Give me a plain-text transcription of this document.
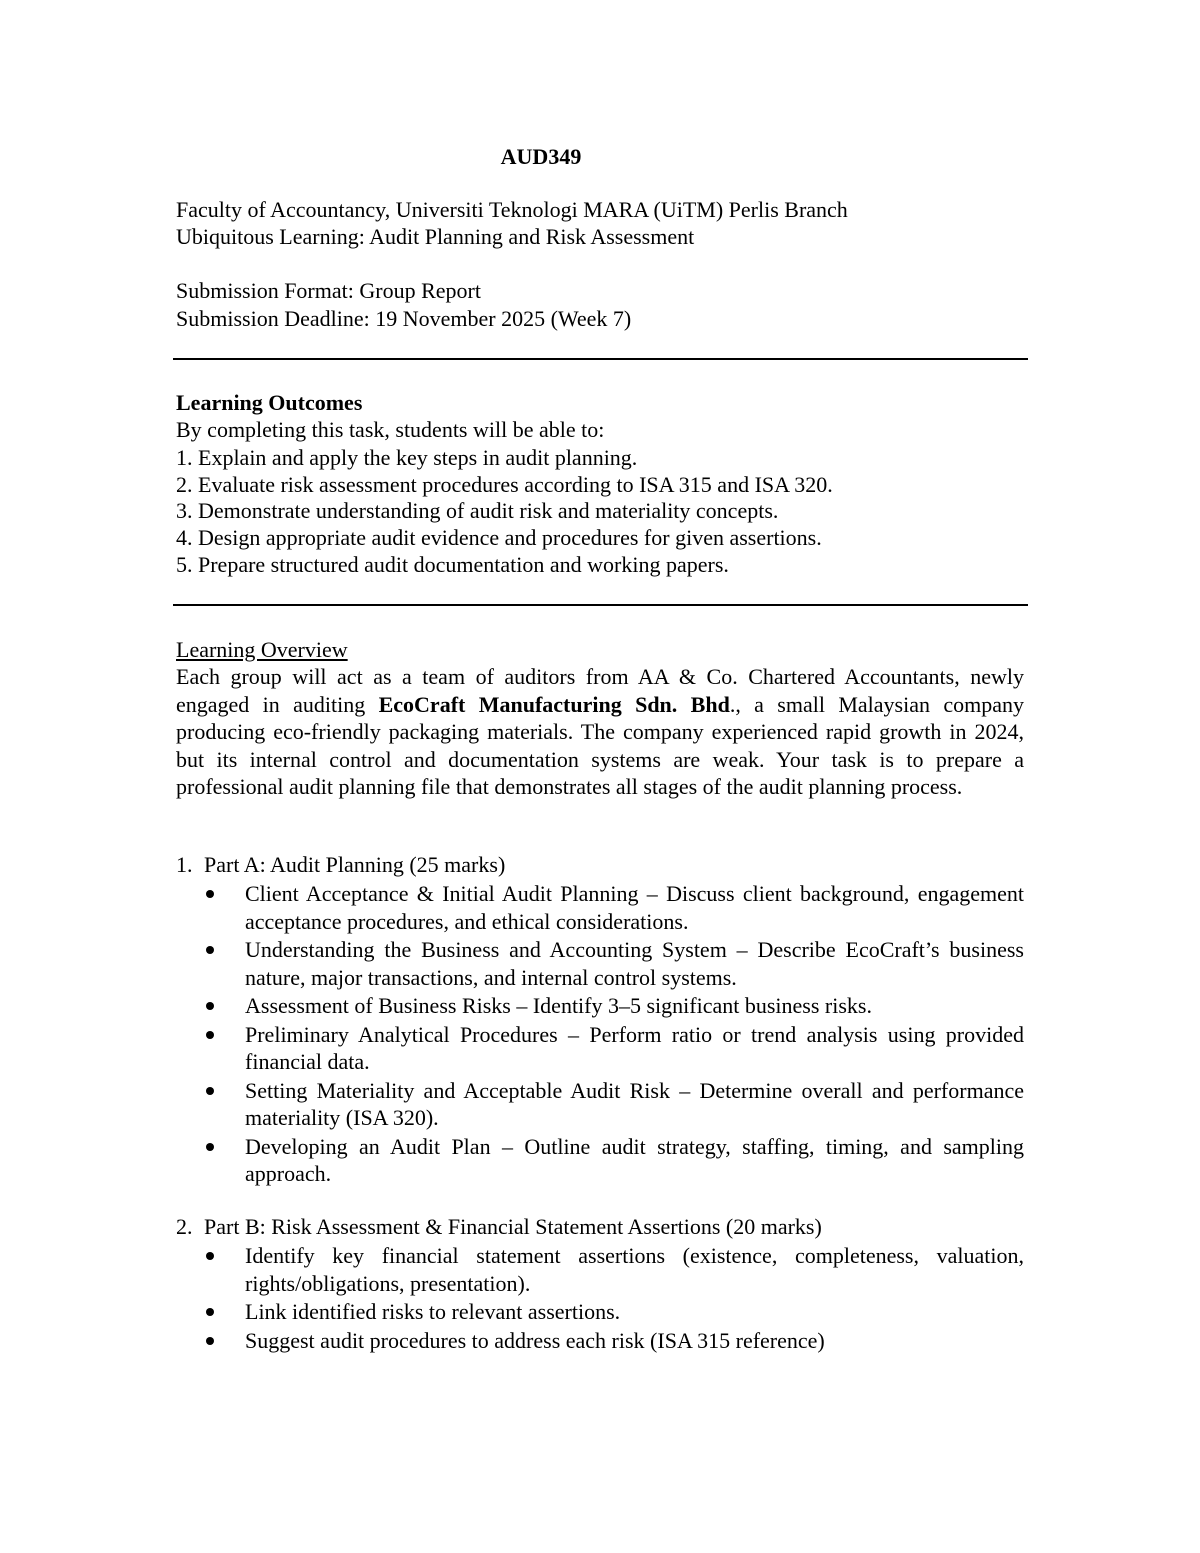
AUD349
Faculty of Accountancy, Universiti Teknologi MARA (UiTM) Perlis Branch
Ubiquitous Learning: Audit Planning and Risk Assessment
Submission Format: Group Report
Submission Deadline: 19 November 2025 (Week 7)
Learning Outcomes
By completing this task, students will be able to:
1. Explain and apply the key steps in audit planning.
2. Evaluate risk assessment procedures according to ISA 315 and ISA 320.
3. Demonstrate understanding of audit risk and materiality concepts.
4. Design appropriate audit evidence and procedures for given assertions.
5. Prepare structured audit documentation and working papers.
Learning Overview
Each group will act as a team of auditors from AA & Co. Chartered Accountants, newly engaged in auditing EcoCraft Manufacturing Sdn. Bhd., a small Malaysian company producing eco-friendly packaging materials. The company experienced rapid growth in 2024, but its internal control and documentation systems are weak. Your task is to prepare a professional audit planning file that demonstrates all stages of the audit planning process.
1. Part A: Audit Planning (25 marks)
Client Acceptance & Initial Audit Planning – Discuss client background, engagement acceptance procedures, and ethical considerations.
Understanding the Business and Accounting System – Describe EcoCraft’s business nature, major transactions, and internal control systems.
Assessment of Business Risks – Identify 3–5 significant business risks.
Preliminary Analytical Procedures – Perform ratio or trend analysis using provided financial data.
Setting Materiality and Acceptable Audit Risk – Determine overall and performance materiality (ISA 320).
Developing an Audit Plan – Outline audit strategy, staffing, timing, and sampling approach.
2. Part B: Risk Assessment & Financial Statement Assertions (20 marks)
Identify key financial statement assertions (existence, completeness, valuation, rights/obligations, presentation).
Link identified risks to relevant assertions.
Suggest audit procedures to address each risk (ISA 315 reference)
